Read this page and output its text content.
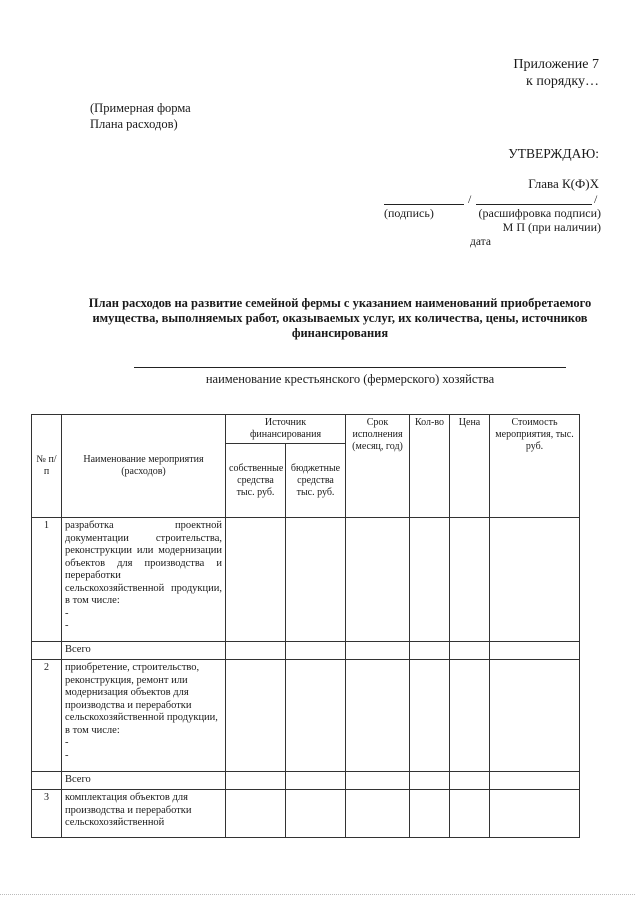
Приложение 7
к порядку…
(Примерная форма
Плана расходов)
УТВЕРЖДАЮ:
Глава К(Ф)Х
/	/
(подпись)	(расшифровка подписи)
М П (при наличии)
дата
План расходов на развитие семейной фермы с указанием наименований приобретаемого имущества, выполняемых работ, оказываемых услуг, их количества, цены, источников финансирования
наименование крестьянского (фермерского) хозяйства
№ п/п	Наименование мероприятия (расходов)	Источник финансирования		Срок исполнения (месяц, год)	Кол-во	Цена	Стоимость мероприятия, тыс. руб.
		собственные средства тыс. руб.	бюджетные средства тыс. руб.				
1	разработка проектной документации строительства, реконструкции или модернизации объектов для производства и переработки сельскохозяйственной продукции, в том числе:
-
-						

	Всего						
2	приобретение, строительство, реконструкция, ремонт или модернизация объектов для производства и переработки сельскохозяйственной продукции, в том числе:
-
-						

	Всего						
3	комплектация объектов для производства и переработки сельскохозяйственной						
